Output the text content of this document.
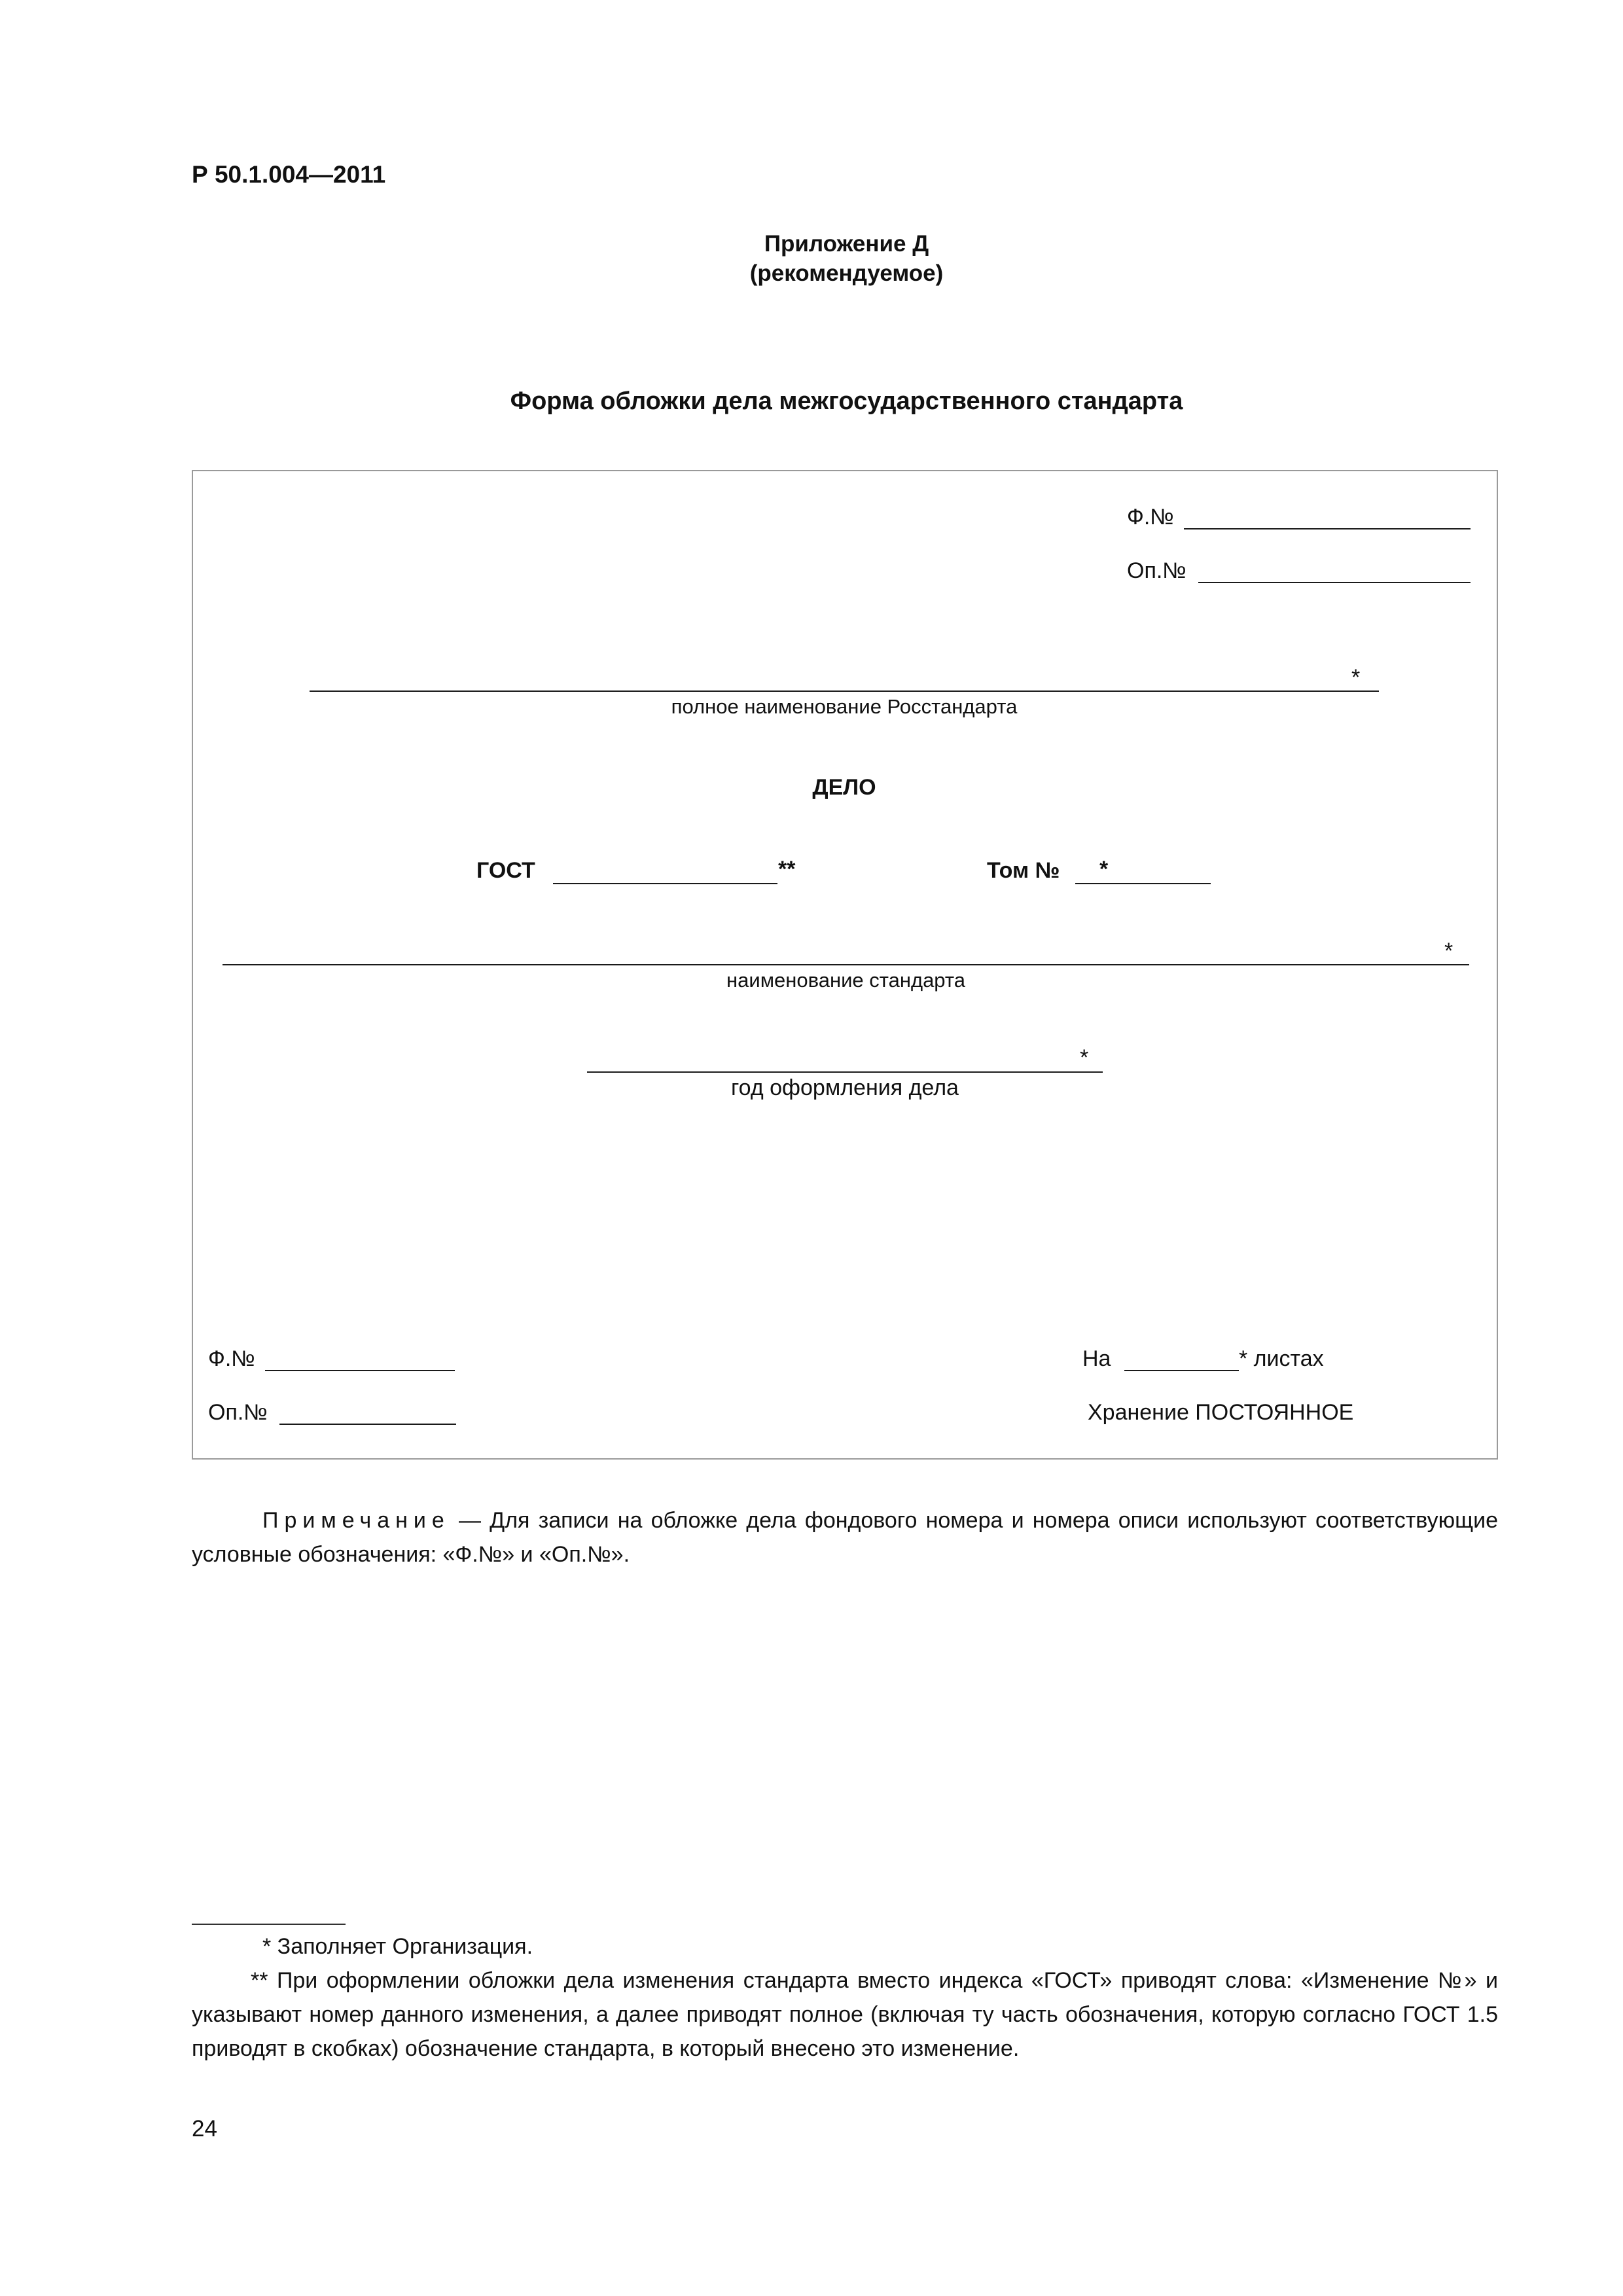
Р 50.1.004—2011
Приложение Д
(рекомендуемое)
Форма обложки дела межгосударственного стандарта
Ф.№
Оп.№
*
полное наименование Росстандарта
ДЕЛО
ГОСТ	**	Том № *
*
наименование стандарта
*
год оформления дела
Ф.№
Оп.№
На	* листах
Хранение ПОСТОЯННОЕ
Примечание — Для записи на обложке дела фондового номера и номера описи используют соответствующие условные обозначения: «Ф.№» и «Оп.№».
* Заполняет Организация.
** При оформлении обложки дела изменения стандарта вместо индекса «ГОСТ» приводят слова: «Изменение №» и указывают номер данного изменения, а далее приводят полное (включая ту часть обозначения, которую согласно ГОСТ 1.5 приводят в скобках) обозначение стандарта, в который внесено это изменение.
24
